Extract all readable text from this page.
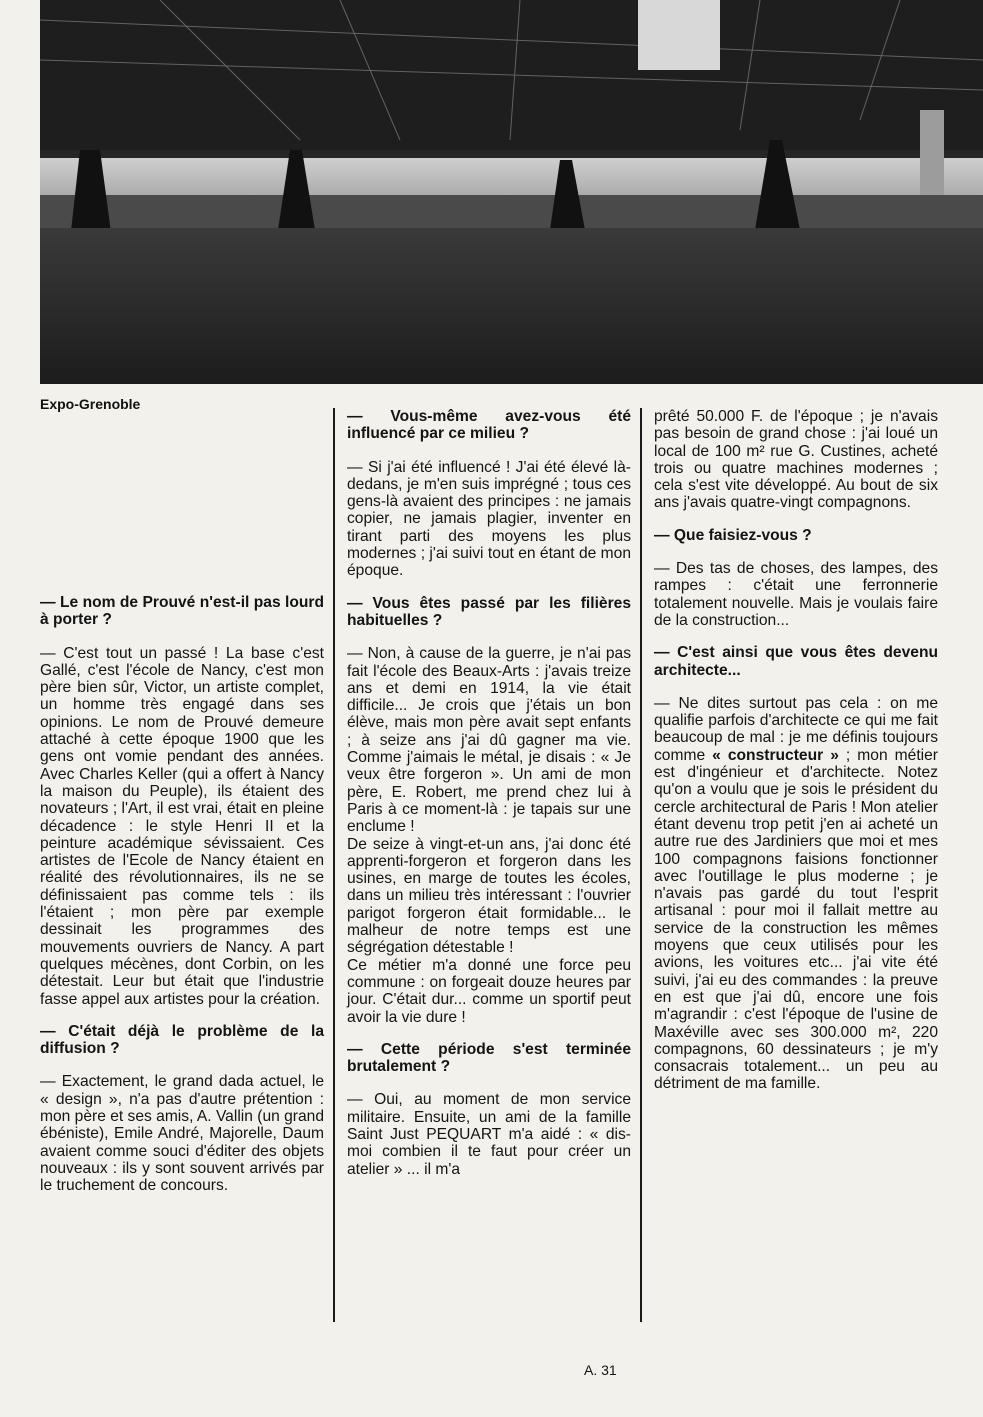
Expo-Grenoble
— Le nom de Prouvé n'est-il pas lourd à porter ?
— C'est tout un passé ! La base c'est Gallé, c'est l'école de Nancy, c'est mon père bien sûr, Victor, un artiste complet, un homme très engagé dans ses opinions. Le nom de Prouvé demeure attaché à cette époque 1900 que les gens ont vomie pendant des années. Avec Charles Keller (qui a offert à Nancy la maison du Peuple), ils étaient des novateurs ; l'Art, il est vrai, était en pleine décadence : le style Henri II et la peinture académique sévissaient. Ces artistes de l'Ecole de Nancy étaient en réalité des révolutionnaires, ils ne se définissaient pas comme tels : ils l'étaient ; mon père par exemple dessinait les programmes des mouvements ouvriers de Nancy. A part quelques mécènes, dont Corbin, on les détestait. Leur but était que l'industrie fasse appel aux artistes pour la création.
— C'était déjà le problème de la diffusion ?
— Exactement, le grand dada actuel, le « design », n'a pas d'autre prétention : mon père et ses amis, A. Vallin (un grand ébéniste), Emile André, Majorelle, Daum avaient comme souci d'éditer des objets nouveaux : ils y sont souvent arrivés par le truchement de concours.
— Vous-même avez-vous été influencé par ce milieu ?
— Si j'ai été influencé ! J'ai été élevé là-dedans, je m'en suis imprégné ; tous ces gens-là avaient des principes : ne jamais copier, ne jamais plagier, inventer en tirant parti des moyens les plus modernes ; j'ai suivi tout en étant de mon époque.
— Vous êtes passé par les filières habituelles ?
— Non, à cause de la guerre, je n'ai pas fait l'école des Beaux-Arts : j'avais treize ans et demi en 1914, la vie était difficile... Je crois que j'étais un bon élève, mais mon père avait sept enfants ; à seize ans j'ai dû gagner ma vie. Comme j'aimais le métal, je disais : « Je veux être forgeron ». Un ami de mon père, E. Robert, me prend chez lui à Paris à ce moment-là : je tapais sur une enclume !
De seize à vingt-et-un ans, j'ai donc été apprenti-forgeron et forgeron dans les usines, en marge de toutes les écoles, dans un milieu très intéressant : l'ouvrier parigot forgeron était formidable... le malheur de notre temps est une ségrégation détestable !
Ce métier m'a donné une force peu commune : on forgeait douze heures par jour. C'était dur... comme un sportif peut avoir la vie dure !
— Cette période s'est terminée brutalement ?
— Oui, au moment de mon service militaire. Ensuite, un ami de la famille Saint Just PEQUART m'a aidé : « dis-moi combien il te faut pour créer un atelier » ... il m'a
prêté 50.000 F. de l'époque ; je n'avais pas besoin de grand chose : j'ai loué un local de 100 m² rue G. Custines, acheté trois ou quatre machines modernes ; cela s'est vite développé. Au bout de six ans j'avais quatre-vingt compagnons.
— Que faisiez-vous ?
— Des tas de choses, des lampes, des rampes : c'était une ferronnerie totalement nouvelle. Mais je voulais faire de la construction...
— C'est ainsi que vous êtes devenu architecte...
— Ne dites surtout pas cela : on me qualifie parfois d'architecte ce qui me fait beaucoup de mal : je me définis toujours comme « constructeur » ; mon métier est d'ingénieur et d'architecte. Notez qu'on a voulu que je sois le président du cercle architectural de Paris ! Mon atelier étant devenu trop petit j'en ai acheté un autre rue des Jardiniers que moi et mes 100 compagnons faisions fonctionner avec l'outillage le plus moderne ; je n'avais pas gardé du tout l'esprit artisanal : pour moi il fallait mettre au service de la construction les mêmes moyens que ceux utilisés pour les avions, les voitures etc... j'ai vite été suivi, j'ai eu des commandes : la preuve en est que j'ai dû, encore une fois m'agrandir : c'est l'époque de l'usine de Maxéville avec ses 300.000 m², 220 compagnons, 60 dessinateurs ; je m'y consacrais totalement... un peu au détriment de ma famille.
A. 31
